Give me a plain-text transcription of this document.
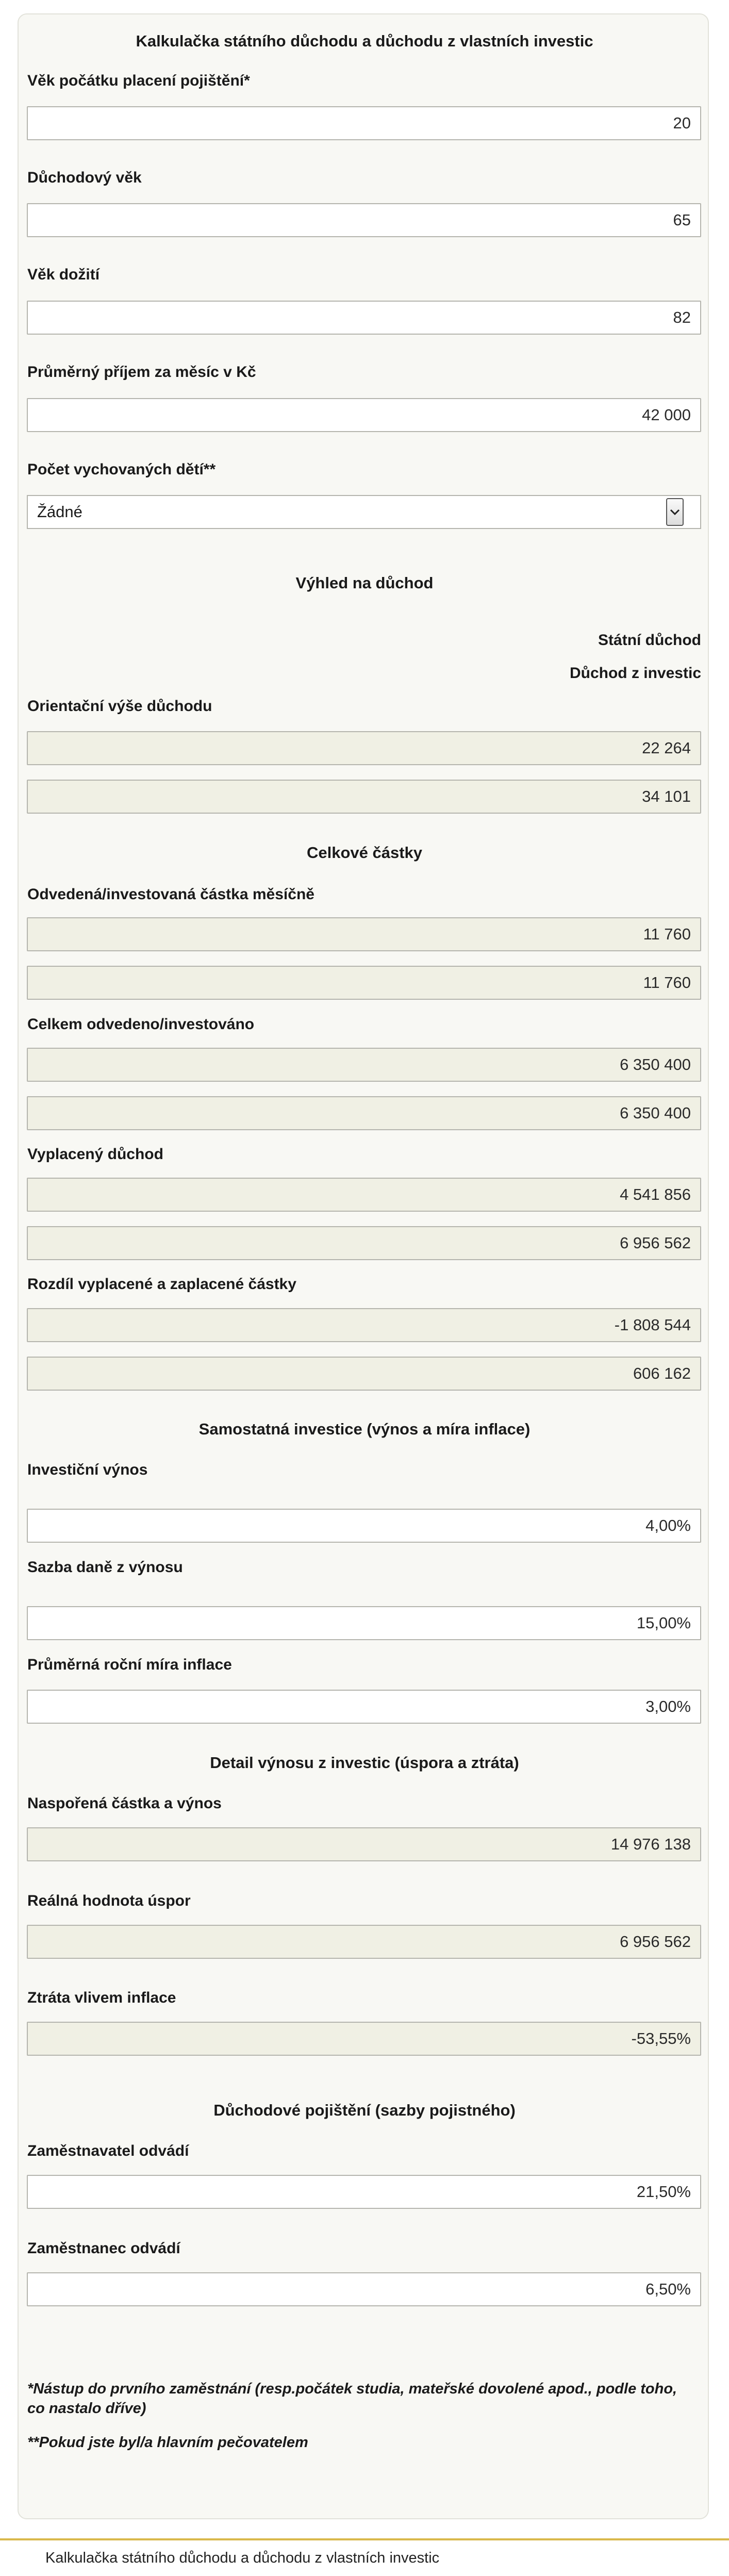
Kalkulačka státního důchodu a důchodu z vlastních investic
Věk počátku placení pojištění*
20
Důchodový věk
65
Věk dožití
82
Průměrný příjem za měsíc v Kč
42 000
Počet vychovaných dětí**
Žádné
Výhled na důchod
Státní důchod
Důchod z investic
Orientační výše důchodu
22 264
34 101
Celkové částky
Odvedená/investovaná částka měsíčně
11 760
11 760
Celkem odvedeno/investováno
6 350 400
6 350 400
Vyplacený důchod
4 541 856
6 956 562
Rozdíl vyplacené a zaplacené částky
-1 808 544
606 162
Samostatná investice (výnos a míra inflace)
Investiční výnos
4,00%
Sazba daně z výnosu
15,00%
Průměrná roční míra inflace
3,00%
Detail výnosu z investic (úspora a ztráta)
Naspořená částka a výnos
14 976 138
Reálná hodnota úspor
6 956 562
Ztráta vlivem inflace
-53,55%
Důchodové pojištění (sazby pojistného)
Zaměstnavatel odvádí
21,50%
Zaměstnanec odvádí
6,50%
*Nástup do prvního zaměstnání (resp.počátek studia, mateřské dovolené apod., podle toho, co nastalo dříve)
**Pokud jste byl/a hlavním pečovatelem
Kalkulačka státního důchodu a důchodu z vlastních investic
